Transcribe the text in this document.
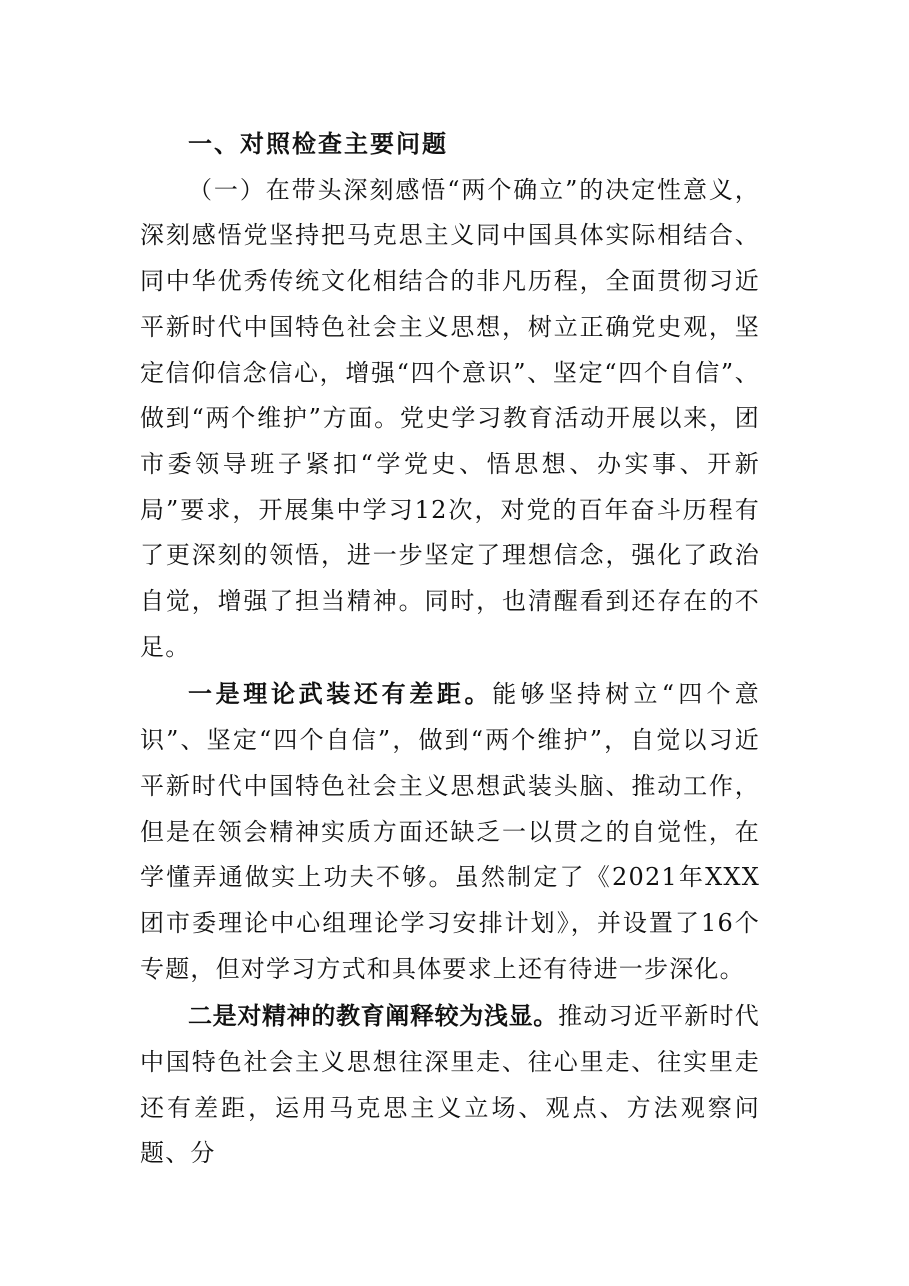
一、对照检查主要问题

（一）在带头深刻感悟“两个确立”的决定性意义，深刻感悟党坚持把马克思主义同中国具体实际相结合、同中华优秀传统文化相结合的非凡历程，全面贯彻习近平新时代中国特色社会主义思想，树立正确党史观，坚定信仰信念信心，增强“四个意识”、坚定“四个自信”、做到“两个维护”方面。党史学习教育活动开展以来，团市委领导班子紧扣“学党史、悟思想、办实事、开新局”要求，开展集中学习12次，对党的百年奋斗历程有了更深刻的领悟，进一步坚定了理想信念，强化了政治自觉，增强了担当精神。同时，也清醒看到还存在的不足。

一是理论武装还有差距。能够坚持树立“四个意识”、坚定“四个自信”，做到“两个维护”，自觉以习近平新时代中国特色社会主义思想武装头脑、推动工作，但是在领会精神实质方面还缺乏一以贯之的自觉性，在学懂弄通做实上功夫不够。虽然制定了《2021年XXX团市委理论中心组理论学习安排计划》，并设置了16个专题，但对学习方式和具体要求上还有待进一步深化。

二是对精神的教育阐释较为浅显。推动习近平新时代中国特色社会主义思想往深里走、往心里走、往实里走还有差距，运用马克思主义立场、观点、方法观察问题、分
